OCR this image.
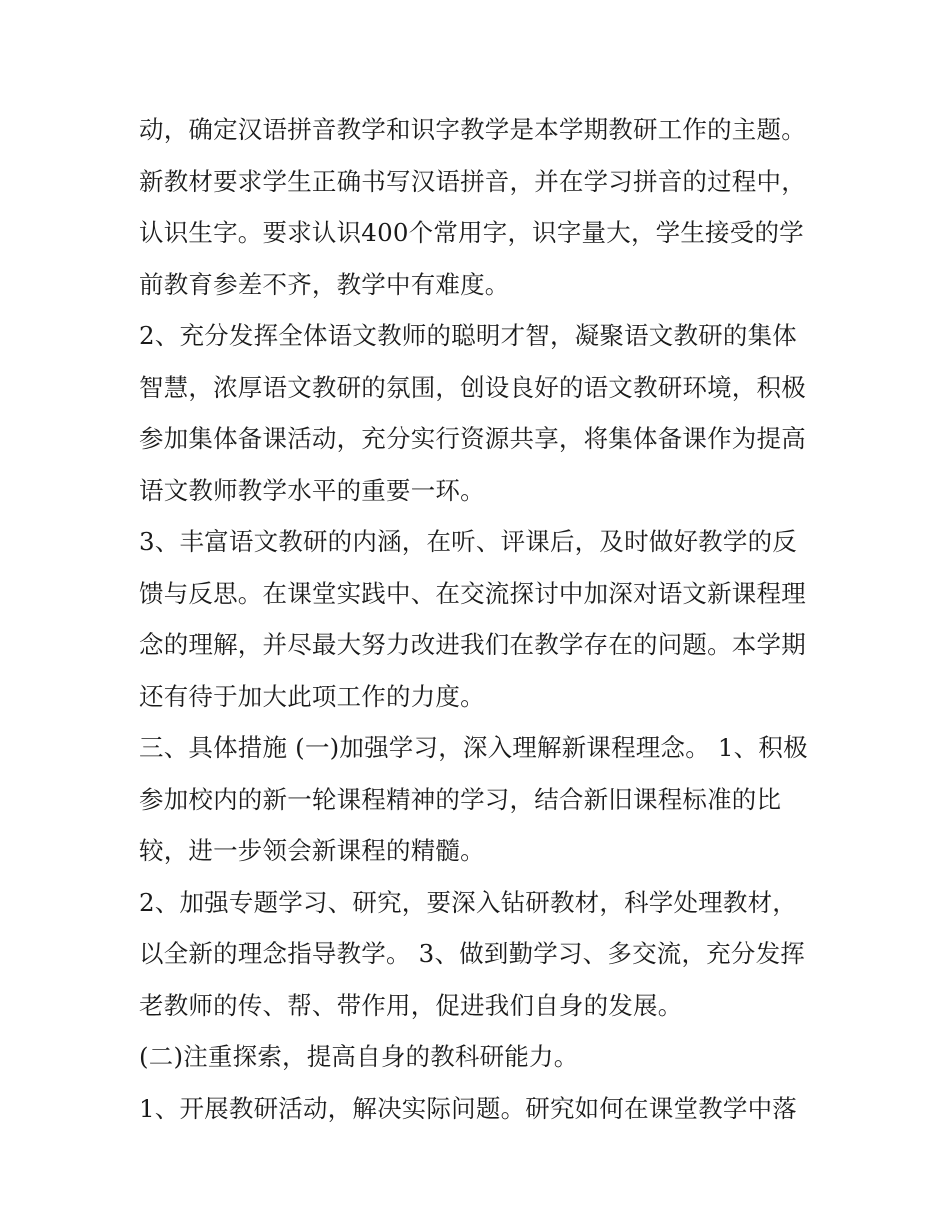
动，确定汉语拼音教学和识字教学是本学期教研工作的主题。
新教材要求学生正确书写汉语拼音，并在学习拼音的过程中，
认识生字。要求认识400个常用字，识字量大，学生接受的学
前教育参差不齐，教学中有难度。
2、充分发挥全体语文教师的聪明才智，凝聚语文教研的集体
智慧，浓厚语文教研的氛围，创设良好的语文教研环境，积极
参加集体备课活动，充分实行资源共享，将集体备课作为提高
语文教师教学水平的重要一环。
3、丰富语文教研的内涵，在听、评课后，及时做好教学的反
馈与反思。在课堂实践中、在交流探讨中加深对语文新课程理
念的理解，并尽最大努力改进我们在教学存在的问题。本学期
还有待于加大此项工作的力度。
三、具体措施 (一)加强学习，深入理解新课程理念。 1、积极
参加校内的新一轮课程精神的学习，结合新旧课程标准的比
较，进一步领会新课程的精髓。
2、加强专题学习、研究，要深入钻研教材，科学处理教材，
以全新的理念指导教学。 3、做到勤学习、多交流，充分发挥
老教师的传、帮、带作用，促进我们自身的发展。
(二)注重探索，提高自身的教科研能力。
1、开展教研活动，解决实际问题。研究如何在课堂教学中落
